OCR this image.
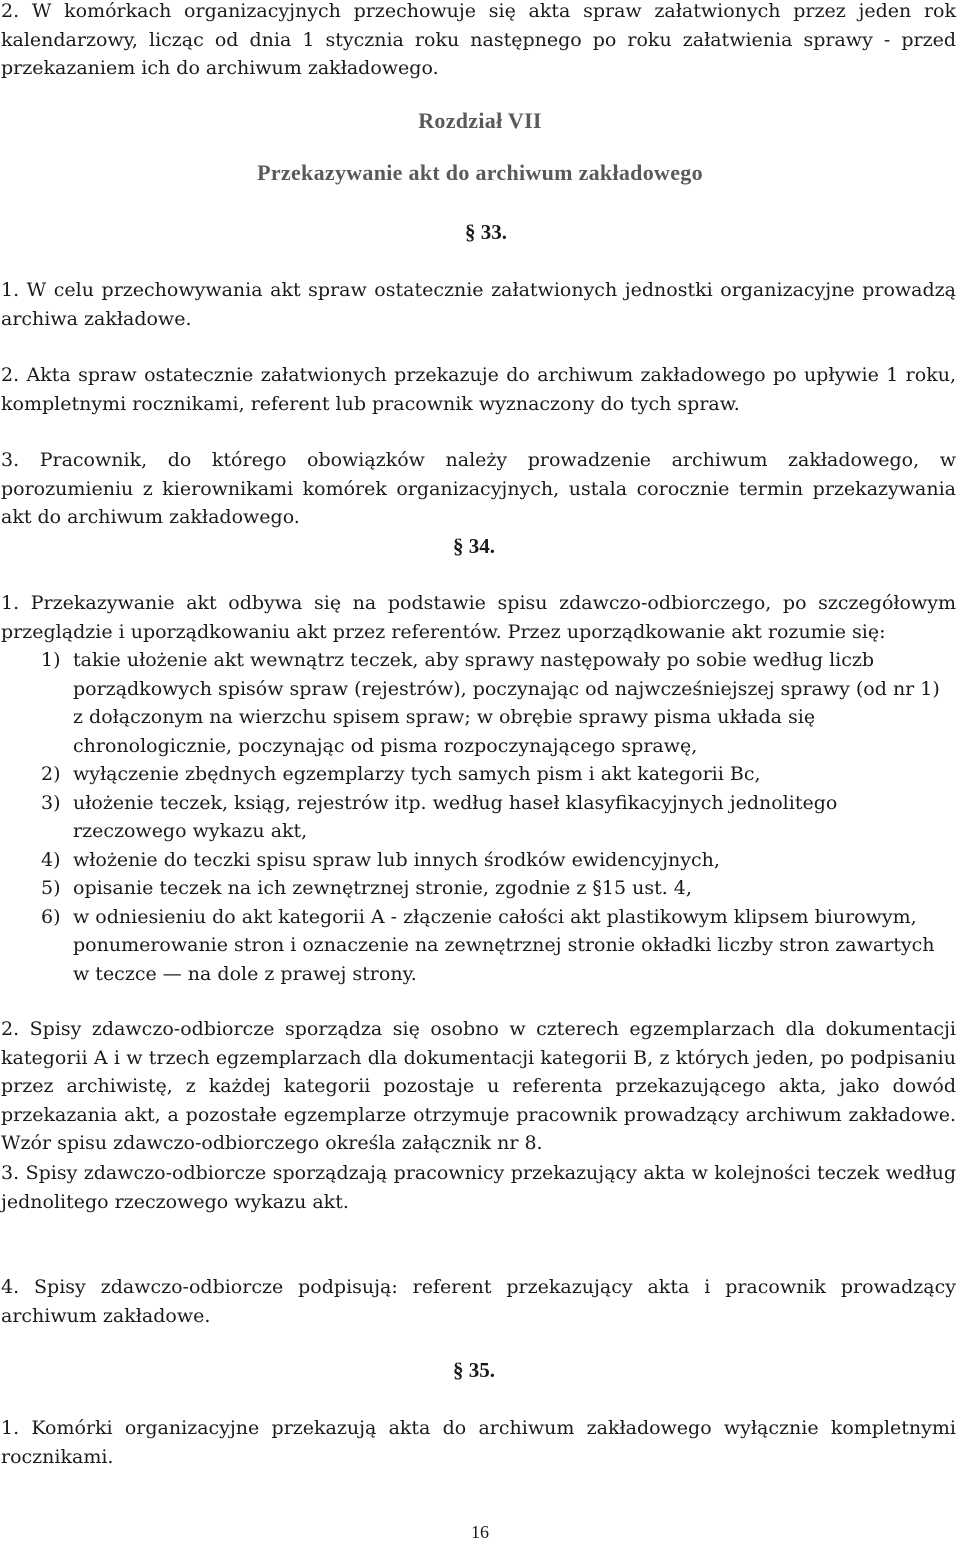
2. W komórkach organizacyjnych przechowuje się akta spraw załatwionych przez jeden rok kalendarzowy, licząc od dnia 1 stycznia roku następnego po roku załatwienia sprawy - przed przekazaniem ich do archiwum zakładowego.

Rozdział VII
Przekazywanie akt do archiwum zakładowego
§ 33.

1. W celu przechowywania akt spraw ostatecznie załatwionych jednostki organizacyjne prowadzą archiwa zakładowe.

2. Akta spraw ostatecznie załatwionych przekazuje do archiwum zakładowego po upływie 1 roku, kompletnymi rocznikami, referent lub pracownik wyznaczony do tych spraw.

3. Pracownik, do którego obowiązków należy prowadzenie archiwum zakładowego, w porozumieniu z kierownikami komórek organizacyjnych, ustala corocznie termin przekazywania akt do archiwum zakładowego.

§ 34.

1. Przekazywanie akt odbywa się na podstawie spisu zdawczo-odbiorczego, po szczegółowym przeglądzie i uporządkowaniu akt przez referentów. Przez uporządkowanie akt rozumie się:

1) takie ułożenie akt wewnątrz teczek, aby sprawy następowały po sobie według liczb porządkowych spisów spraw (rejestrów), poczynając od najwcześniejszej sprawy (od nr 1) z dołączonym na wierzchu spisem spraw; w obrębie sprawy pisma układa się chronologicznie, poczynając od pisma rozpoczynającego sprawę,
2) wyłączenie zbędnych egzemplarzy tych samych pism i akt kategorii Bc,
3) ułożenie teczek, ksiąg, rejestrów itp. według haseł klasyfikacyjnych jednolitego rzeczowego wykazu akt,
4) włożenie do teczki spisu spraw lub innych środków ewidencyjnych,
5) opisanie teczek na ich zewnętrznej stronie, zgodnie z §15 ust. 4,
6) w odniesieniu do akt kategorii A - złączenie całości akt plastikowym klipsem biurowym, ponumerowanie stron i oznaczenie na zewnętrznej stronie okładki liczby stron zawartych w teczce — na dole z prawej strony.

2. Spisy zdawczo-odbiorcze sporządza się osobno w czterech egzemplarzach dla dokumentacji kategorii A i w trzech egzemplarzach dla dokumentacji kategorii B, z których jeden, po podpisaniu przez archiwistę, z każdej kategorii pozostaje u referenta przekazującego akta, jako dowód przekazania akt, a pozostałe egzemplarze otrzymuje pracownik prowadzący archiwum zakładowe. Wzór spisu zdawczo-odbiorczego określa załącznik nr 8.

3. Spisy zdawczo-odbiorcze sporządzają pracownicy przekazujący akta w kolejności teczek według jednolitego rzeczowego wykazu akt.

4. Spisy zdawczo-odbiorcze podpisują: referent przekazujący akta i pracownik prowadzący archiwum zakładowe.

§ 35.

1. Komórki organizacyjne przekazują akta do archiwum zakładowego wyłącznie kompletnymi rocznikami.

16
